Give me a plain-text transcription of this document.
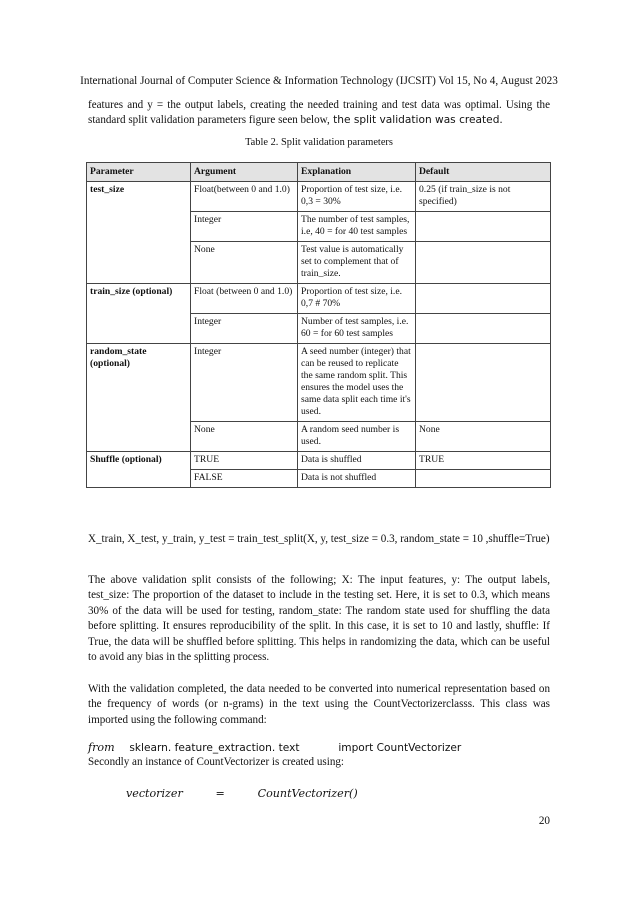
International Journal of Computer Science & Information Technology (IJCSIT) Vol 15, No 4, August 2023

features and y = the output labels, creating the needed training and test data was optimal. Using the standard split validation parameters figure seen below, the split validation was created.

Table 2. Split validation parameters
Parameter	Argument	Explanation	Default
test_size	Float(between 0 and 1.0)	Proportion of test size, i.e. 0,3 = 30%	0.25 (if train_size is not specified)
	Integer	The number of test samples, i.e, 40 = for 40 test samples	
	None	Test value is automatically set to complement that of train_size.	
train_size (optional)	Float (between 0 and 1.0)	Proportion of test size, i.e. 0,7 # 70%	
	Integer	Number of test samples, i.e. 60 = for 60 test samples	
random_state (optional)	Integer	A seed number (integer) that can be reused to replicate the same random split. This ensures the model uses the same data split each time it's used.	
	None	A random seed number is used.	None
Shuffle (optional)	TRUE	Data is shuffled	TRUE
	FALSE	Data is not shuffled	

X_train, X_test, y_train, y_test = train_test_split(X, y, test_size = 0.3, random_state = 10 ,shuffle=True)

The above validation split consists of the following; X: The input features, y: The output labels, test_size: The proportion of the dataset to include in the testing set. Here, it is set to 0.3, which means 30% of the data will be used for testing, random_state: The random state used for shuffling the data before splitting. It ensures reproducibility of the split. In this case, it is set to 10 and lastly, shuffle: If True, the data will be shuffled before splitting. This helps in randomizing the data, which can be useful to avoid any bias in the splitting process.

With the validation completed, the data needed to be converted into numerical representation based on the frequency of words (or n-grams) in the text using the CountVectorizerclasss. This class was imported using the following command:

from sklearn. feature_extraction. text	import CountVectorizer
Secondly an instance of CountVectorizer is created using:
vectorizer	=	CountVectorizer()
20
